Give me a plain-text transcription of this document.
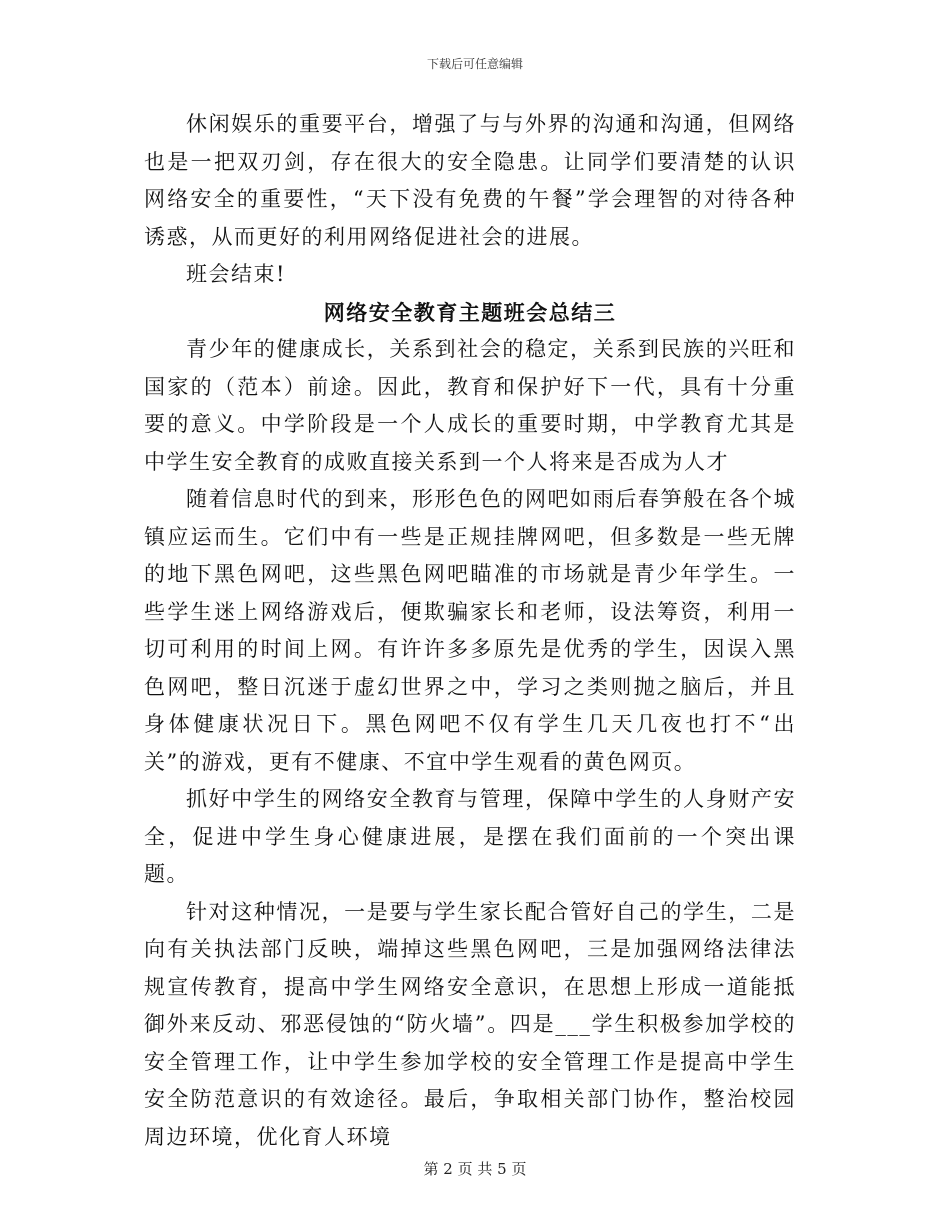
下载后可任意编辑

休闲娱乐的重要平台，增强了与与外界的沟通和沟通，但网络也是一把双刃剑，存在很大的安全隐患。让同学们要清楚的认识网络安全的重要性，“天下没有免费的午餐”学会理智的对待各种诱惑，从而更好的利用网络促进社会的进展。

班会结束!

网络安全教育主题班会总结三

青少年的健康成长，关系到社会的稳定，关系到民族的兴旺和国家的（范本）前途。因此，教育和保护好下一代，具有十分重要的意义。中学阶段是一个人成长的重要时期，中学教育尤其是中学生安全教育的成败直接关系到一个人将来是否成为人才

随着信息时代的到来，形形色色的网吧如雨后春笋般在各个城镇应运而生。它们中有一些是正规挂牌网吧，但多数是一些无牌的地下黑色网吧，这些黑色网吧瞄准的市场就是青少年学生。一些学生迷上网络游戏后，便欺骗家长和老师，设法筹资，利用一切可利用的时间上网。有许许多多原先是优秀的学生，因误入黑色网吧，整日沉迷于虚幻世界之中，学习之类则抛之脑后，并且身体健康状况日下。黑色网吧不仅有学生几天几夜也打不“出关”的游戏，更有不健康、不宜中学生观看的黄色网页。

抓好中学生的网络安全教育与管理，保障中学生的人身财产安全，促进中学生身心健康进展，是摆在我们面前的一个突出课题。

针对这种情况，一是要与学生家长配合管好自己的学生，二是向有关执法部门反映，端掉这些黑色网吧，三是加强网络法律法规宣传教育，提高中学生网络安全意识，在思想上形成一道能抵御外来反动、邪恶侵蚀的“防火墙”。四是___学生积极参加学校的安全管理工作，让中学生参加学校的安全管理工作是提高中学生安全防范意识的有效途径。最后，争取相关部门协作，整治校园周边环境，优化育人环境

第 2 页 共 5 页
